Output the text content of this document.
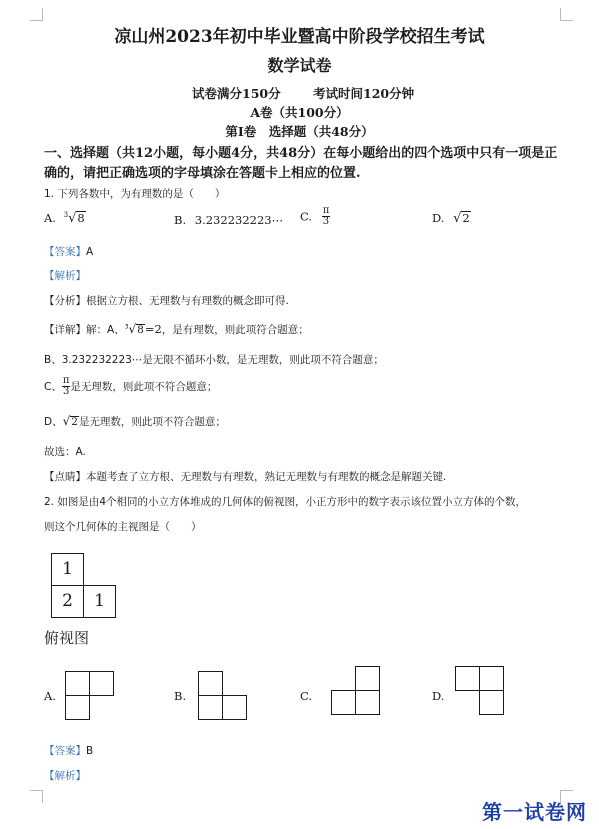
凉山州2023年初中毕业暨高中阶段学校招生考试
数学试卷
试卷满分150分	考试时间120分钟
A卷（共100分）
第Ⅰ卷　选择题（共48分）
一、选择题（共12小题，每小题4分，共48分）在每小题给出的四个选项中只有一项是正
确的，请把正确选项的字母填涂在答题卡上相应的位置.
1. 下列各数中，为有理数的是（　　）
A. $^3$√8	B. 3.232232223⋯ C. $\frac{\pi}{3}$	D. √2
【答案】A
【解析】
【分析】根据立方根、无理数与有理数的概念即可得.
【详解】解：A、$^3$√8=2，是有理数，则此项符合题意；
B、3.232232223⋯是无限不循环小数，是无理数，则此项不符合题意；
C、 $\frac{\pi}{3}$ 是无理数，则此项不符合题意；
D、√2是无理数，则此项不符合题意；
故选：A.
【点睛】本题考查了立方根、无理数与有理数，熟记无理数与有理数的概念是解题关键.
2. 如图是由4个相同的小立方体堆成的几何体的俯视图，小正方形中的数字表示该位置小立方体的个数，
则这个几何体的主视图是（　　）
1
2	1
俯视图
A.	B.	C.	D.
【答案】B
【解析】
第一试卷网
